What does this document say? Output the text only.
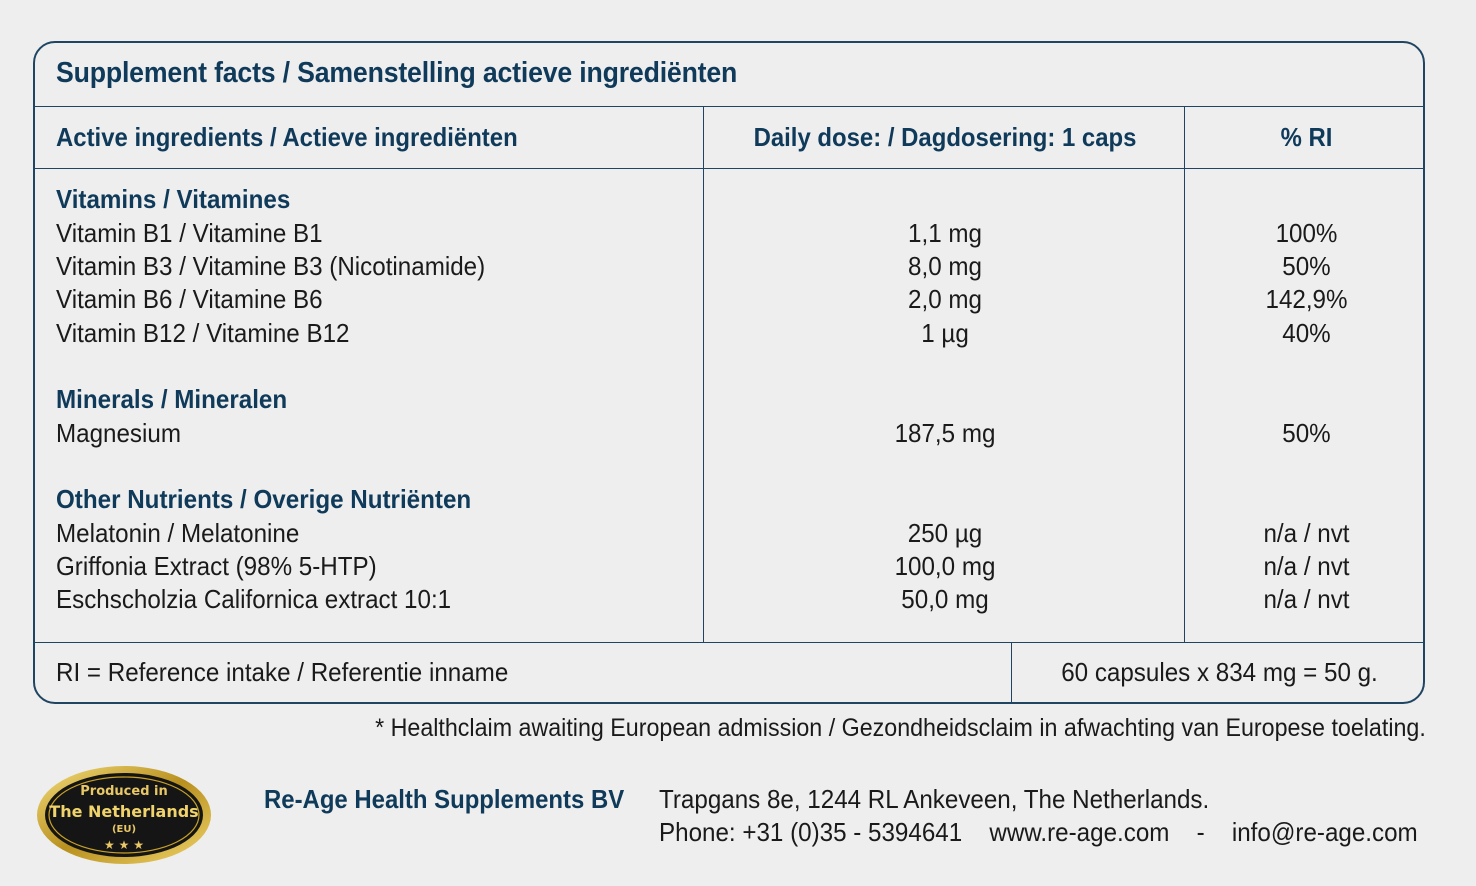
Supplement facts / Samenstelling actieve ingrediënten
Active ingredients / Actieve ingrediënten	Daily dose: / Dagdosering: 1 caps	% RI
Vitamins / Vitamines
Vitamin B1 / Vitamine B1	1,1 mg	100%
Vitamin B3 / Vitamine B3 (Nicotinamide)	8,0 mg	50%
Vitamin B6 / Vitamine B6	2,0 mg	142,9%
Vitamin B12 / Vitamine B12	1 µg	40%
Minerals / Mineralen
Magnesium	187,5 mg	50%
Other Nutrients / Overige Nutriënten
Melatonin / Melatonine	250 µg	n/a / nvt
Griffonia Extract (98% 5-HTP)	100,0 mg	n/a / nvt
Eschscholzia Californica extract 10:1	50,0 mg	n/a / nvt
RI = Reference intake / Referentie inname	60 capsules x 834 mg = 50 g.
* Healthclaim awaiting European admission / Gezondheidsclaim in afwachting van Europese toelating.
Produced in
The Netherlands
(EU)
★ ★ ★
Re-Age Health Supplements BV Trapgans 8e, 1244 RL Ankeveen, The Netherlands.
Phone: +31 (0)35 - 5394641 www.re-age.com - info@re-age.com
